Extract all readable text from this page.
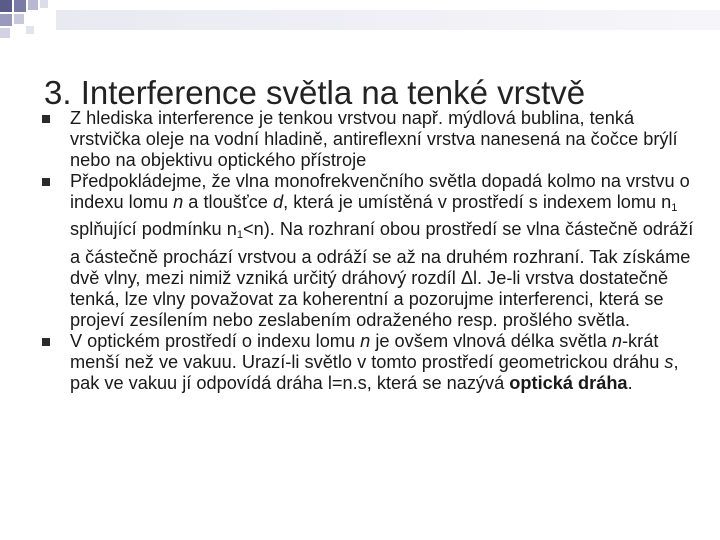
3. Interference světla na tenké vrstvě
Z hlediska interference je tenkou vrstvou např. mýdlová bublina, tenká vrstvička oleje na vodní hladině, antireflexní vrstva nanesená na čočce brýlí nebo na objektivu optického přístroje
Předpokládejme, že vlna monofrekvenčního světla dopadá kolmo na vrstvu o indexu lomu n a tloušťce d, která je umístěná v prostředí s indexem lomu $n_1$ splňující podmínku $n_1<n$). Na rozhraní obou prostředí se vlna částečně odráží a částečně prochází vrstvou a odráží se až na druhém rozhraní. Tak získáme dvě vlny, mezi nimiž vzniká určitý dráhový rozdíl Δl. Je-li vrstva dostatečně tenká, lze vlny považovat za koherentní a pozorujme interferenci, která se projeví zesílením nebo zeslabením odraženého resp. prošlého světla.
V optickém prostředí o indexu lomu n je ovšem vlnová délka světla n-krát menší než ve vakuu. Urazí-li světlo v tomto prostředí geometrickou dráhu s, pak ve vakuu jí odpovídá dráha l=n.s, která se nazývá optická dráha.
